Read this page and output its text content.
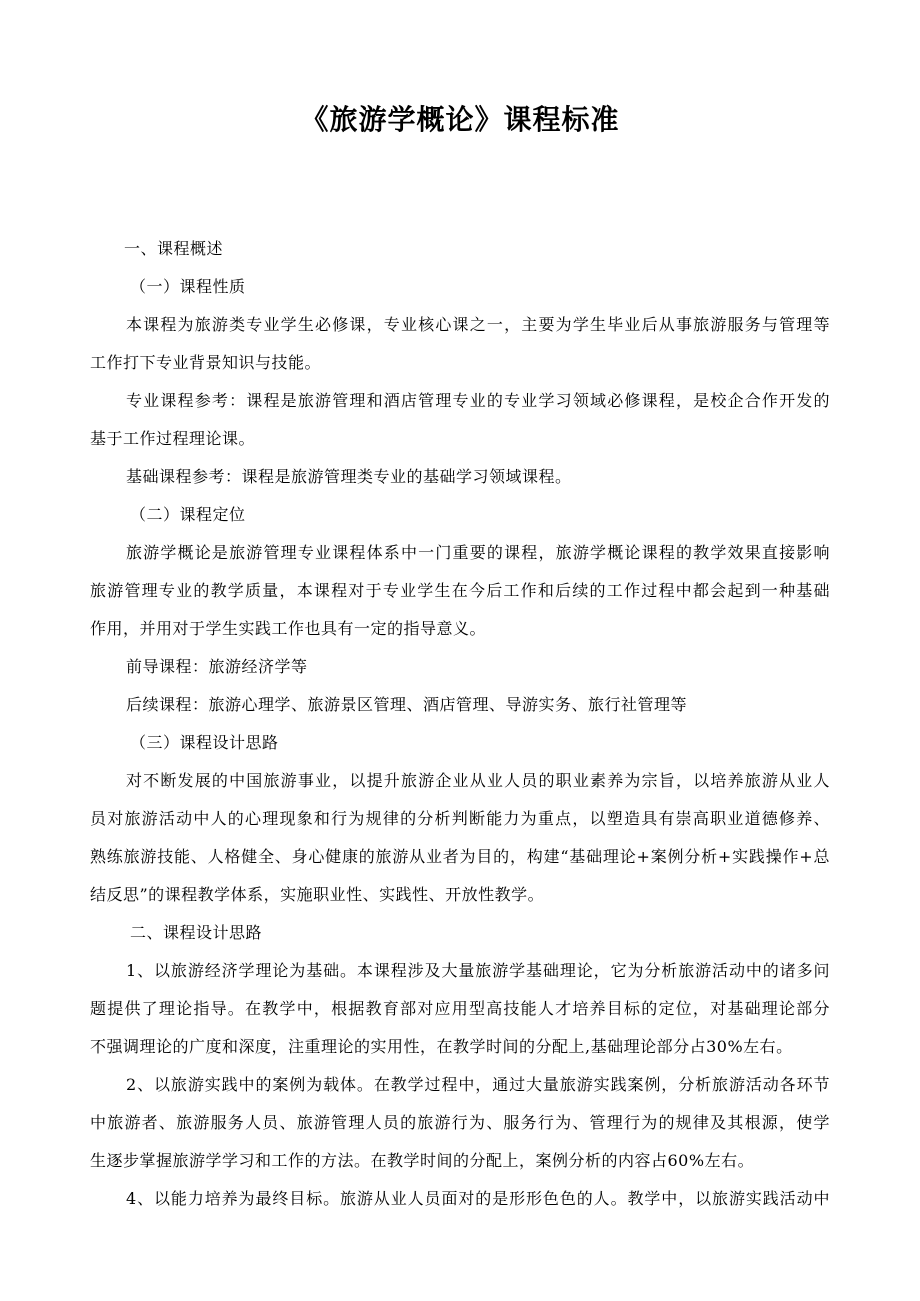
《旅游学概论》课程标准

一、课程概述

（一）课程性质

本课程为旅游类专业学生必修课，专业核心课之一，主要为学生毕业后从事旅游服务与管理等

工作打下专业背景知识与技能。

专业课程参考：课程是旅游管理和酒店管理专业的专业学习领域必修课程，是校企合作开发的

基于工作过程理论课。

基础课程参考：课程是旅游管理类专业的基础学习领域课程。

（二）课程定位

旅游学概论是旅游管理专业课程体系中一门重要的课程，旅游学概论课程的教学效果直接影响

旅游管理专业的教学质量，本课程对于专业学生在今后工作和后续的工作过程中都会起到一种基础

作用，并用对于学生实践工作也具有一定的指导意义。

前导课程：旅游经济学等

后续课程：旅游心理学、旅游景区管理、酒店管理、导游实务、旅行社管理等

（三）课程设计思路

对不断发展的中国旅游事业，以提升旅游企业从业人员的职业素养为宗旨，以培养旅游从业人

员对旅游活动中人的心理现象和行为规律的分析判断能力为重点，以塑造具有崇高职业道德修养、

熟练旅游技能、人格健全、身心健康的旅游从业者为目的，构建“基础理论+案例分析+实践操作+总

结反思”的课程教学体系，实施职业性、实践性、开放性教学。

二、课程设计思路

1、以旅游经济学理论为基础。本课程涉及大量旅游学基础理论，它为分析旅游活动中的诸多问

题提供了理论指导。在教学中，根据教育部对应用型高技能人才培养目标的定位，对基础理论部分

不强调理论的广度和深度，注重理论的实用性，在教学时间的分配上,基础理论部分占30%左右。

2、以旅游实践中的案例为载体。在教学过程中，通过大量旅游实践案例，分析旅游活动各环节

中旅游者、旅游服务人员、旅游管理人员的旅游行为、服务行为、管理行为的规律及其根源，使学

生逐步掌握旅游学学习和工作的方法。在教学时间的分配上，案例分析的内容占60%左右。

4、以能力培养为最终目标。旅游从业人员面对的是形形色色的人。教学中，以旅游实践活动中
